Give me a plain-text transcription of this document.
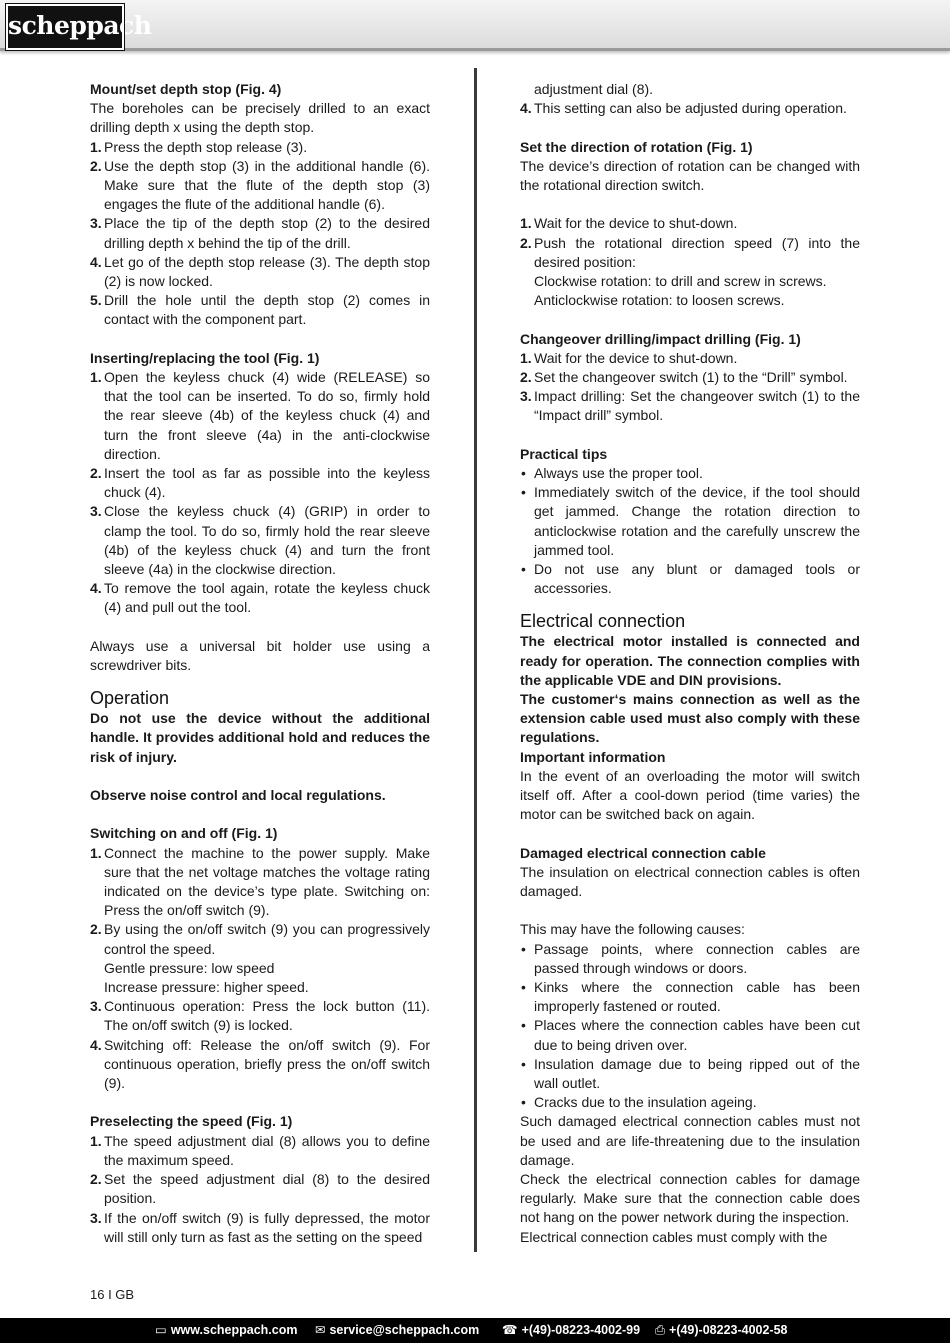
scheppach
Mount/set depth stop (Fig. 4)

The boreholes can be precisely drilled to an exact drilling depth x using the depth stop.

1. Press the depth stop release (3).
2. Use the depth stop (3) in the additional handle (6). Make sure that the flute of the depth stop (3) engages the flute of the additional handle (6).
3. Place the tip of the depth stop (2) to the desired drilling depth x behind the tip of the drill.
4. Let go of the depth stop release (3). The depth stop (2) is now locked.
5. Drill the hole until the depth stop (2) comes in contact with the component part.
Inserting/replacing the tool (Fig. 1)
1. Open the keyless chuck (4) wide (RELEASE) so that the tool can be inserted. To do so, firmly hold the rear sleeve (4b) of the keyless chuck (4) and turn the front sleeve (4a) in the anti-clockwise direction.
2. Insert the tool as far as possible into the keyless chuck (4).
3. Close the keyless chuck (4) (GRIP) in order to clamp the tool. To do so, firmly hold the rear sleeve (4b) of the keyless chuck (4) and turn the front sleeve (4a) in the clockwise direction.
4. To remove the tool again, rotate the keyless chuck (4) and pull out the tool.

Always use a universal bit holder use using a screwdriver bits.

Operation

Do not use the device without the additional handle. It provides additional hold and reduces the risk of injury.

Observe noise control and local regulations.

Switching on and off (Fig. 1)
1. Connect the machine to the power supply. Make sure that the net voltage matches the voltage rating indicated on the device’s type plate. Switching on: Press the on/off switch (9).
2. By using the on/off switch (9) you can progressively control the speed.
Gentle pressure: low speed
Increase pressure: higher speed.
3. Continuous operation: Press the lock button (11). The on/off switch (9) is locked.
4. Switching off: Release the on/off switch (9). For continuous operation, briefly press the on/off switch (9).
Preselecting the speed (Fig. 1)
1. The speed adjustment dial (8) allows you to define the maximum speed.
2. Set the speed adjustment dial (8) to the desired position.
3. If the on/off switch (9) is fully depressed, the motor will still only turn as fast as the setting on the speed
adjustment dial (8).
4. This setting can also be adjusted during operation.
Set the direction of rotation (Fig. 1)

The device’s direction of rotation can be changed with the rotational direction switch.

1. Wait for the device to shut-down.
2. Push the rotational direction speed (7) into the desired position:
Clockwise rotation: to drill and screw in screws.
Anticlockwise rotation: to loosen screws.
Changeover drilling/impact drilling (Fig. 1)
1. Wait for the device to shut-down.
2. Set the changeover switch (1) to the “Drill” symbol.
3. Impact drilling: Set the changeover switch (1) to the “Impact drill” symbol.
Practical tips
• Always use the proper tool.
• Immediately switch of the device, if the tool should get jammed. Change the rotation direction to anticlockwise rotation and the carefully unscrew the jammed tool.
• Do not use any blunt or damaged tools or accessories.
Electrical connection

The electrical motor installed is connected and ready for operation. The connection complies with the applicable VDE and DIN provisions.

The customer‘s mains connection as well as the extension cable used must also comply with these regulations.

Important information

In the event of an overloading the motor will switch itself off. After a cool-down period (time varies) the motor can be switched back on again.

Damaged electrical connection cable

The insulation on electrical connection cables is often damaged.

This may have the following causes:

• Passage points, where connection cables are passed through windows or doors.
• Kinks where the connection cable has been improperly fastened or routed.
• Places where the connection cables have been cut due to being driven over.
• Insulation damage due to being ripped out of the wall outlet.
• Cracks due to the insulation ageing.

Such damaged electrical connection cables must not be used and are life-threatening due to the insulation damage.

Check the electrical connection cables for damage regularly. Make sure that the connection cable does not hang on the power network during the inspection.

Electrical connection cables must comply with the

16 I GB
▭ www.scheppach.com ✉ service@scheppach.com ☎ +(49)-08223-4002-99 ⎙ +(49)-08223-4002-58
